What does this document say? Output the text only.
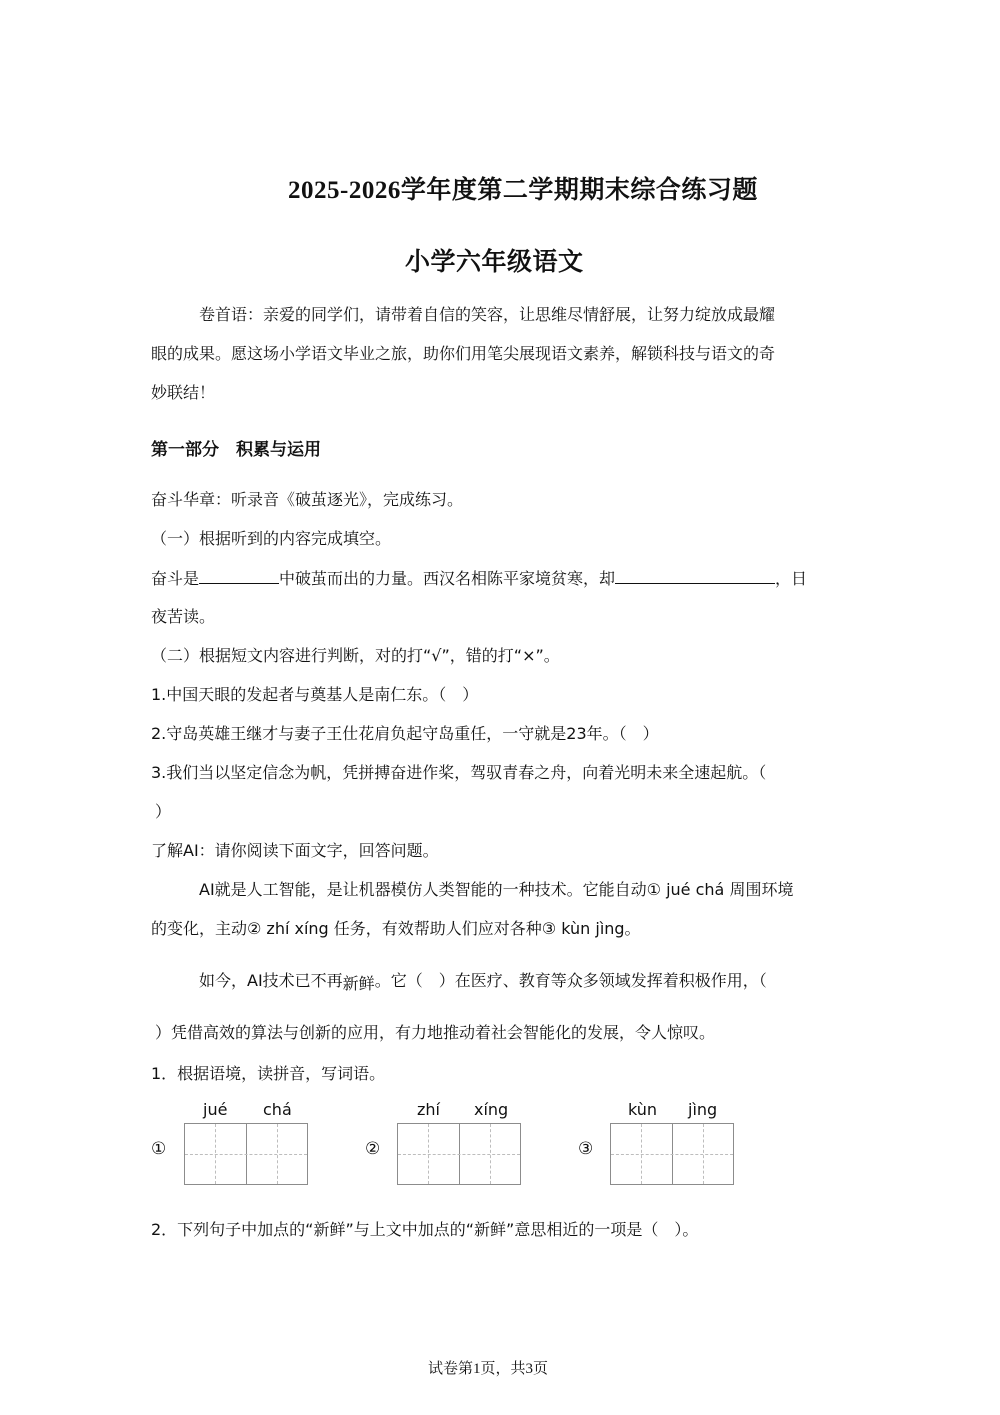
2025-2026学年度第二学期期末综合练习题
小学六年级语文
卷首语：亲爱的同学们，请带着自信的笑容，让思维尽情舒展，让努力绽放成最耀
眼的成果。愿这场小学语文毕业之旅，助你们用笔尖展现语文素养，解锁科技与语文的奇
妙联结！
第一部分　积累与运用
奋斗华章：听录音《破茧逐光》，完成练习。
（一）根据听到的内容完成填空。
奋斗是	中破茧而出的力量。西汉名相陈平家境贫寒，却	，日
夜苦读。
（二）根据短文内容进行判断，对的打“√”，错的打“×”。
1.中国天眼的发起者与奠基人是南仁东。（　）
2.守岛英雄王继才与妻子王仕花肩负起守岛重任，一守就是23年。（　）
3.我们当以坚定信念为帆，凭拼搏奋进作桨，驾驭青春之舟，向着光明未来全速起航。（
）
了解AI：请你阅读下面文字，回答问题。
AI就是人工智能，是让机器模仿人类智能的一种技术。它能自动① jué chá 周围环境
的变化，主动② zhí xíng 任务，有效帮助人们应对各种③ kùn jìng。
如今，AI技术已不再新鲜。它（　）在医疗、教育等众多领域发挥着积极作用，（
）凭借高效的算法与创新的应用，有力地推动着社会智能化的发展，令人惊叹。
1．根据语境，读拼音，写词语。
jué chá
①
zhí xíng
②
kùn jìng
③
2．下列句子中加点的“新鲜”与上文中加点的“新鲜”意思相近的一项是（　）。
试卷第1页，共3页
